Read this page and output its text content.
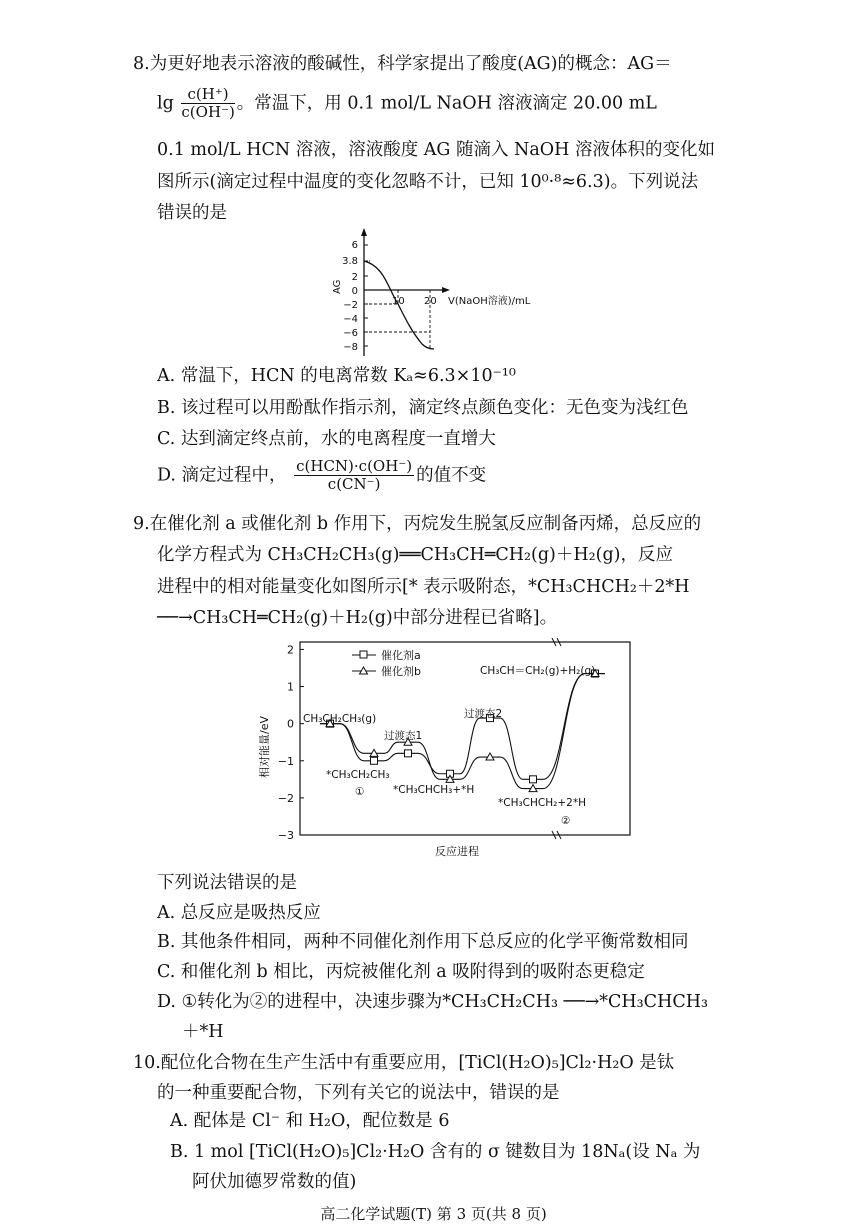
8.为更好地表示溶液的酸碱性，科学家提出了酸度(AG)的概念：AG＝
$\lg \frac{c(H^+)}{c(OH^-)}$ 。常温下，用 0.1 mol/L NaOH 溶液滴定 20.00 mL
0.1 mol/L HCN 溶液，溶液酸度 AG 随滴入 NaOH 溶液体积的变化如
图所示(滴定过程中温度的变化忽略不计，已知 10⁰·⁸≈6.3)。下列说法
错误的是
AG
6
3.8
2
0
−2
−4
−6
−8
10 20 V(NaOH溶液)/mL
A. 常温下，HCN 的电离常数 Kₐ≈6.3×10⁻¹⁰
B. 该过程可以用酚酞作指示剂，滴定终点颜色变化：无色变为浅红色
C. 达到滴定终点前，水的电离程度一直增大
D. 滴定过程中， c(HCN)·c(OH⁻)
c(CN⁻)	的值不变
9.在催化剂 a 或催化剂 b 作用下，丙烷发生脱氢反应制备丙烯，总反应的
化学方程式为 CH₃CH₂CH₃(g)══CH₃CH═CH₂(g)＋H₂(g)，反应
进程中的相对能量变化如图所示[* 表示吸附态，*CH₃CHCH₂＋2*H
──→CH₃CH═CH₂(g)＋H₂(g)中部分进程已省略]。
相对能量/eV
2
1
0
−1
−2
−3
反应进程
催化剂a
催化剂b
CH₃CH₂CH₃(g)
过渡态1
过渡态2
CH₃CH＝CH₂(g)+H₂(g)
*CH₃CH₂CH₃
①	*CH₃CHCH₃+*H
*CH₃CHCH₂+2*H
②
下列说法错误的是
A. 总反应是吸热反应
B. 其他条件相同，两种不同催化剂作用下总反应的化学平衡常数相同
C. 和催化剂 b 相比，丙烷被催化剂 a 吸附得到的吸附态更稳定
D. ①转化为②的进程中，决速步骤为*CH₃CH₂CH₃ ──→*CH₃CHCH₃
＋*H
10.配位化合物在生产生活中有重要应用，[TiCl(H₂O)₅]Cl₂·H₂O 是钛
的一种重要配合物，下列有关它的说法中，错误的是
A. 配体是 Cl⁻ 和 H₂O，配位数是 6
B. 1 mol [TiCl(H₂O)₅]Cl₂·H₂O 含有的 σ 键数目为 18Nₐ(设 Nₐ 为
阿伏加德罗常数的值)
高二化学试题(T) 第 3 页(共 8 页)
